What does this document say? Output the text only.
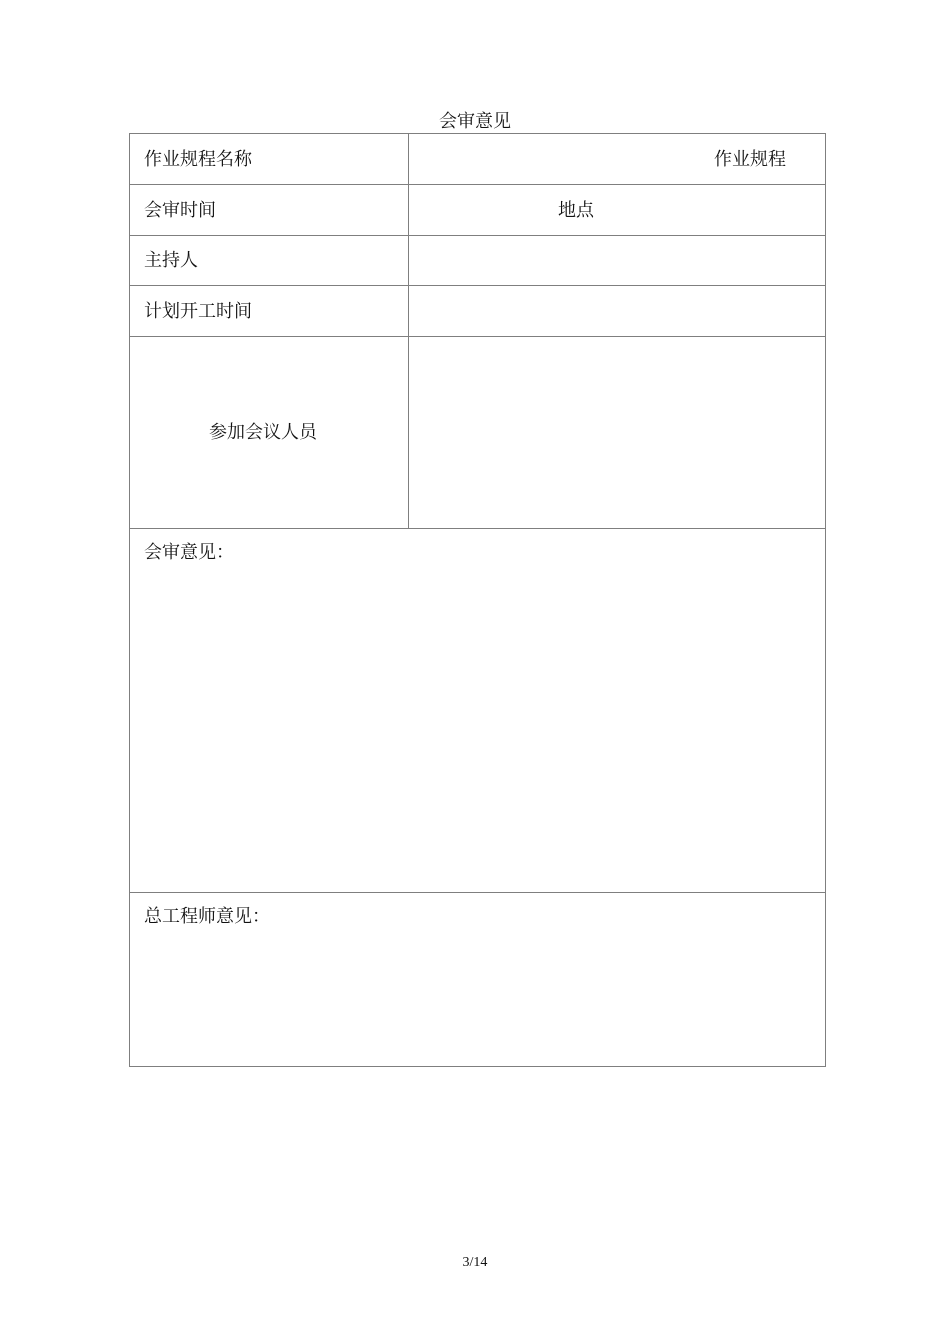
会审意见
作业规程名称	作业规程
会审时间	地点
主持人
计划开工时间
参加会议人员
会审意见：
总工程师意见：
3/14
